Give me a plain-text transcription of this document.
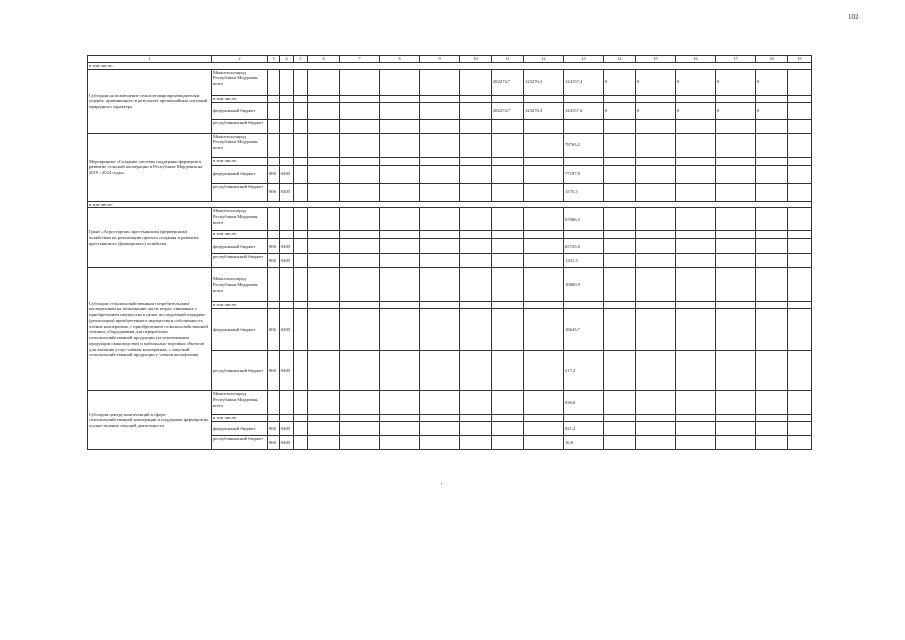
102
1	2	3	4	5	6	7	8	9	10	11	12	13	14	15	16	17	18	19
в том числе:																		
Субсидии на возмещение сельхозтоваропроизводителям ущерба, причиненного в результате чрезвычайных ситуаций природного характера	Минсельхозпрод Республики Мордовия, всего									282274,7	123276,3	124157,4	0	0	0	0	0	
	в том числе:																	
	федеральный бюджет									282274,7	123276,3	124157,4	0	0	0	0	0	
	республиканский бюджет																	
Мероприятие «Создание системы поддержки фермеров и развитие сельской кооперации в Республике Мордовия на 2019 - 2024 годы»	Минсельхозпрод Республики Мордовия, всего											78763,2						
	в том числе:																	
	федеральный бюджет	806	0405									77187,9						
	республиканский бюджет	806	0405									1575,3						
в том числе:																		
Грант «Агростартап» крестьянским (фермерским) хозяйствам на реализацию проекта создания и развития крестьянского (фермерского) хозяйства	Минсельхозпрод Республики Мордовия, всего											67066,3						
	в том числе:																	
	федеральный бюджет	806	0405									65725,0						
	республиканский бюджет	806	0405									1341,3						
Субсидии сельскохозяйственным потребительским кооперативам на возмещение части затрат, связанных с приобретением имущества в целях последующей передачи (реализации) приобретенного имущества в собственность членов кооператива, с приобретением сельскохозяйственной техники, оборудования для переработки сельскохозяйственной продукции (за исключением продукции свиноводства) и мобильных торговых объектов для оказания услуг членам кооператива, с закупкой сельскохозяйственной продукции у членов кооператива	Минсельхозпрод Республики Мордовия, всего											10860,9						
	в том числе:																	
	федеральный бюджет	806	0405									10643,7						
	республиканский бюджет	806	0405									217,2						
Субсидии центру компетенций в сфере сельскохозяйственной кооперации и поддержки фермеров на осуществление текущей деятельности	Минсельхозпрод Республики Мордовия, всего											836,0						
	в том числе:																	
	федеральный бюджет	806	0405									821,2						
	республиканский бюджет	806	0405									16,8						
